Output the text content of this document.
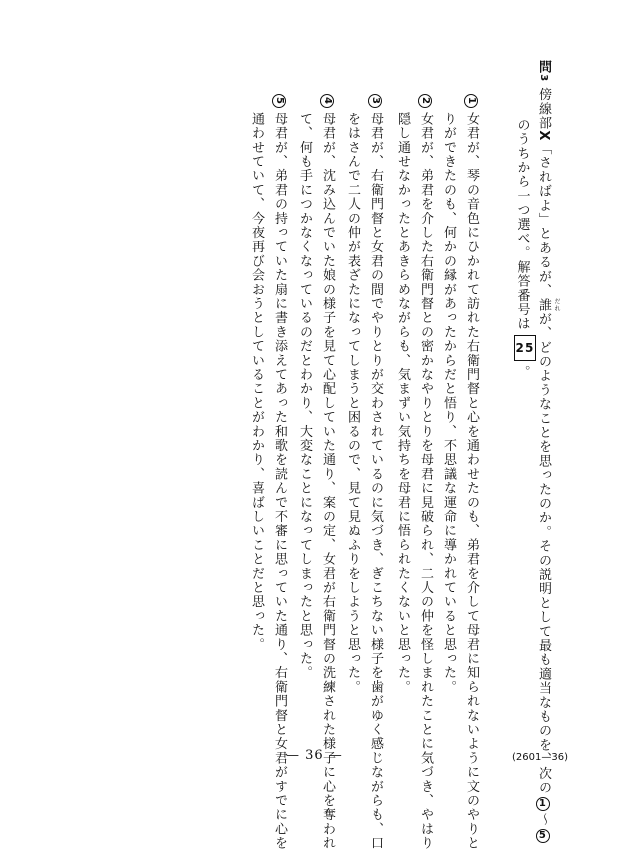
問3 傍線部X「さればよ」とあるが、誰 だれ
が、どのようなことを思ったのか。その説明として最も適当なものを、次の1〜5
のうちから一つ選べ。解答番号は25。
1女君が、琴の音色にひかれて訪れた右衛門督と心を通わせたのも、弟君を介して母君に知られないように文のやりと
りができたのも、何かの縁があったからだと悟り、不思議な運命に導かれていると思った。
2女君が、弟君を介した右衛門督との密かなやりとりを母君に見破られ、二人の仲を怪しまれたことに気づき、やはり
隠し通せなかったとあきらめながらも、気まずい気持ちを母君に悟られたくないと思った。
3母君が、右衛門督と女君の間でやりとりが交わされているのに気づき、ぎこちない様子を歯がゆく感じながらも、口
をはさんで二人の仲が表ざたになってしまうと困るので、見て見ぬふりをしようと思った。
4母君が、沈み込んでいた娘の様子を見て心配していた通り、案の定、女君が右衛門督の洗練された様子に心を奪われ
て、何も手につかなくなっているのだとわかり、大変なことになってしまったと思った。
5母君が、弟君の持っていた扇に書き添えてあった和歌を読んで不審に思っていた通り、右衛門督と女君がすでに心を
通わせていて、今夜再び会おうとしていることがわかり、喜ばしいことだと思った。
— 36 —	(2601—36)
